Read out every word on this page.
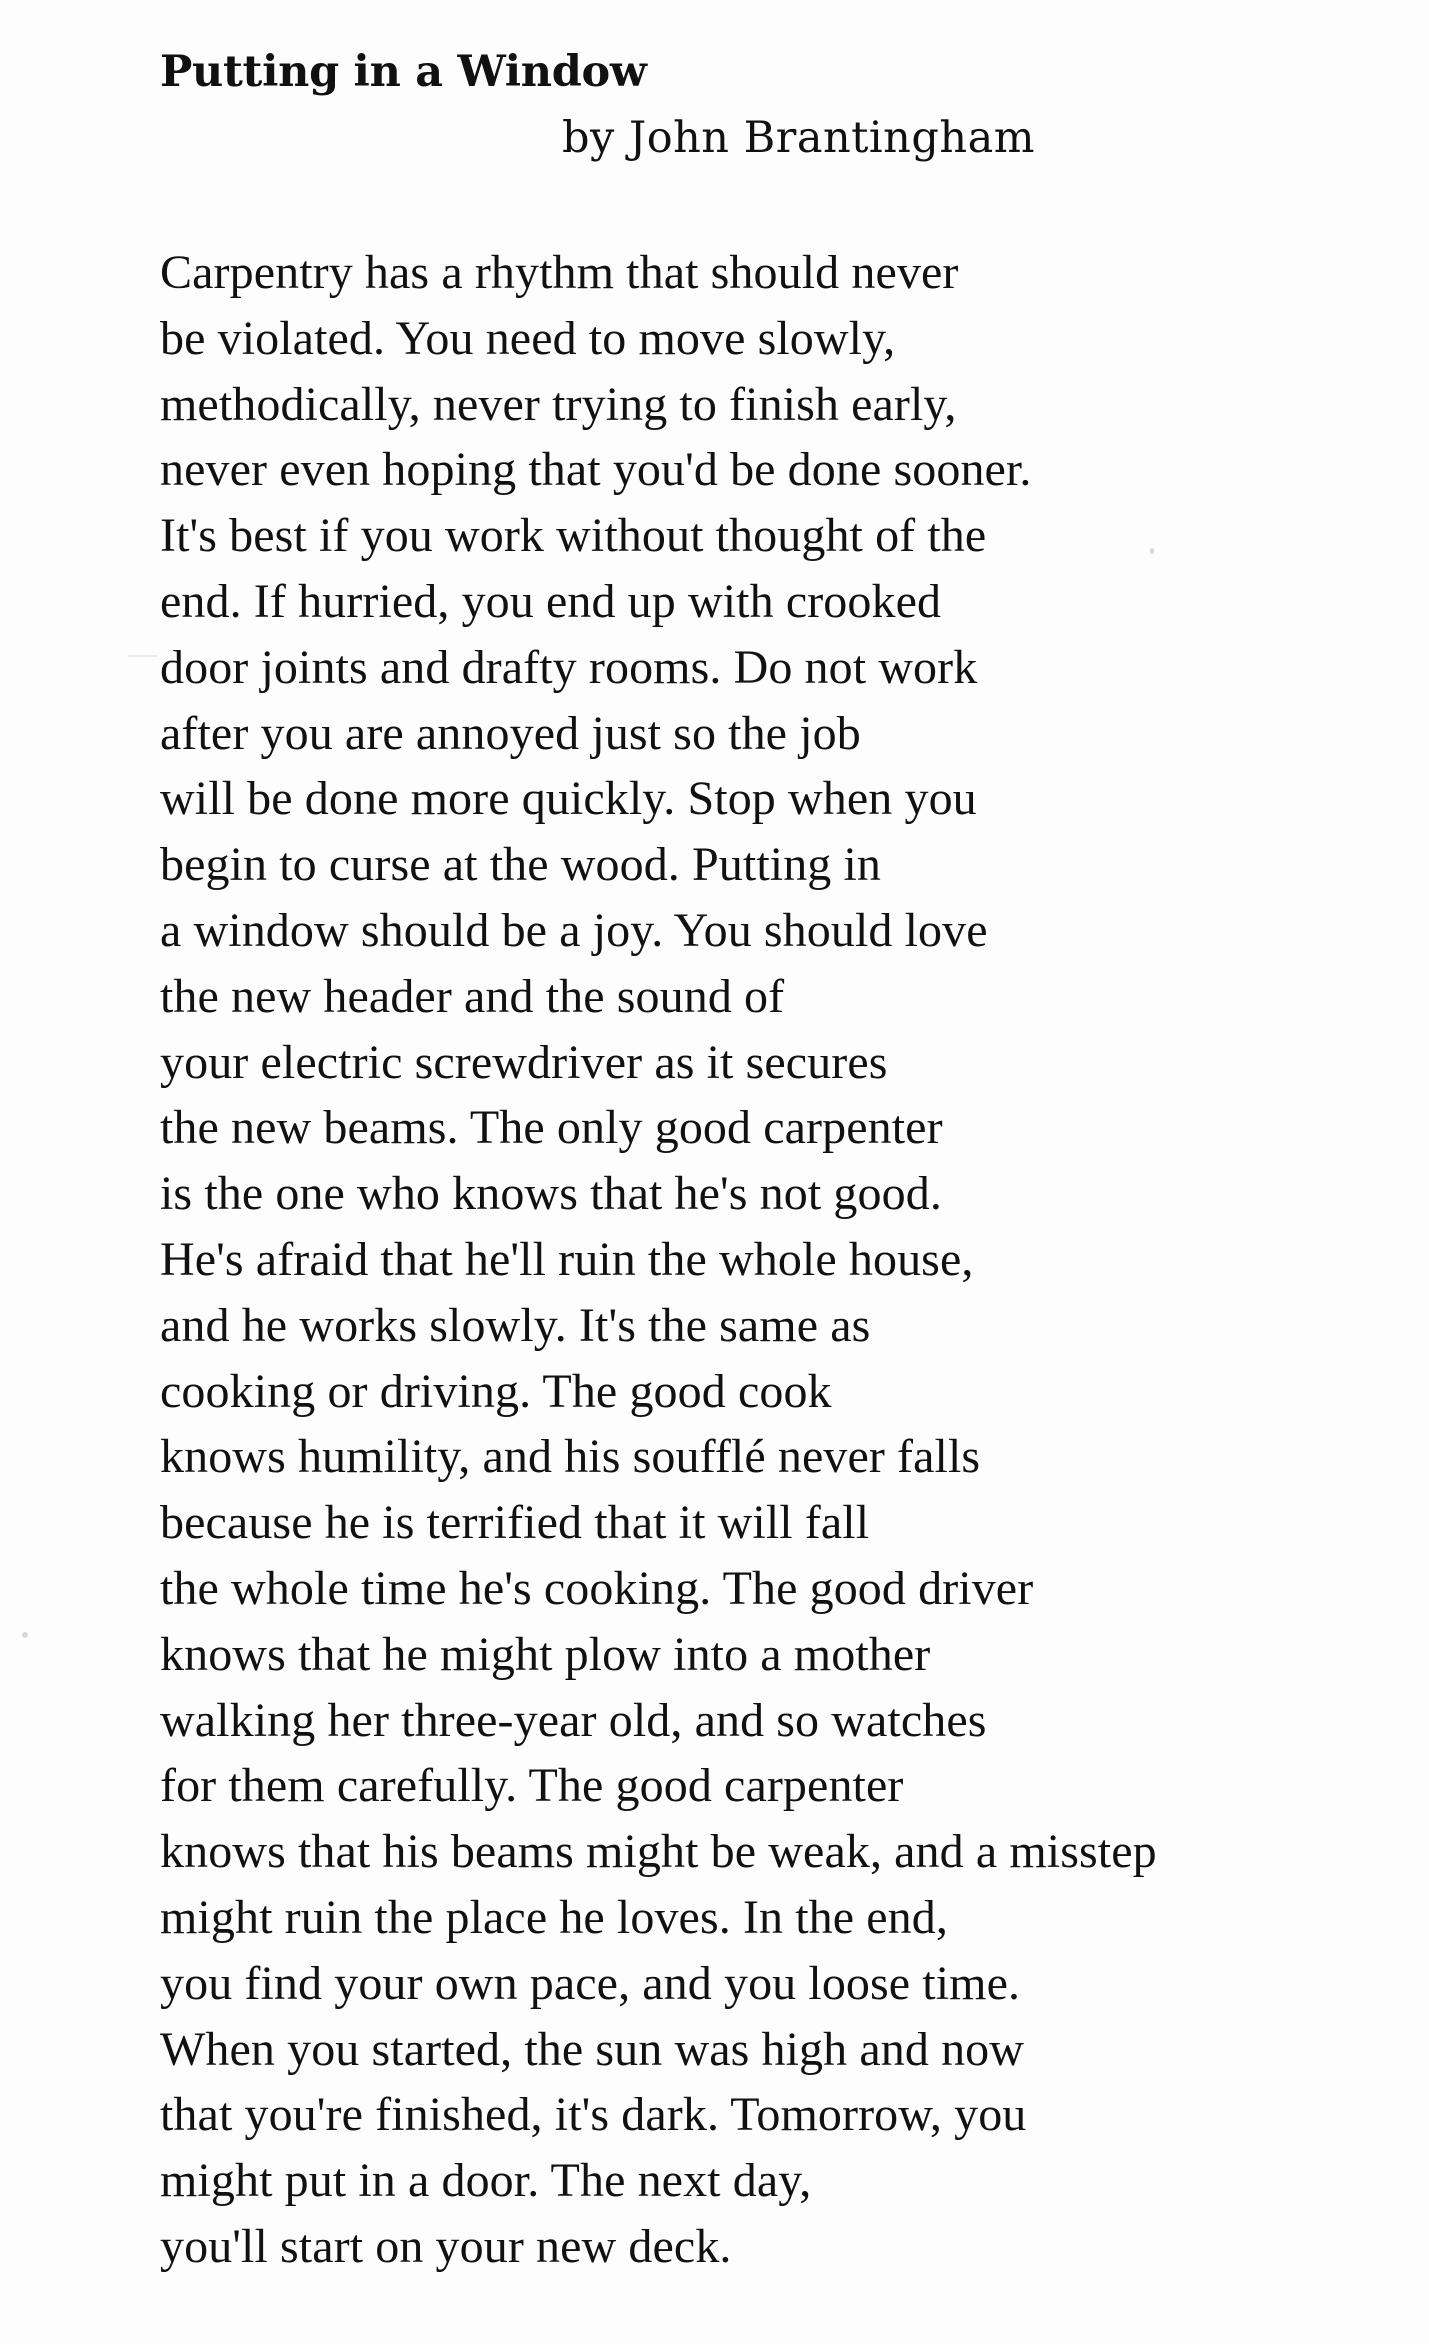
Putting in a Window

by John Brantingham

Carpentry has a rhythm that should never
be violated. You need to move slowly,
methodically, never trying to finish early,
never even hoping that you'd be done sooner.
It's best if you work without thought of the
end. If hurried, you end up with crooked
door joints and drafty rooms. Do not work
after you are annoyed just so the job
will be done more quickly. Stop when you
begin to curse at the wood. Putting in
a window should be a joy. You should love
the new header and the sound of
your electric screwdriver as it secures
the new beams. The only good carpenter
is the one who knows that he's not good.
He's afraid that he'll ruin the whole house,
and he works slowly. It's the same as
cooking or driving. The good cook
knows humility, and his soufflé never falls
because he is terrified that it will fall
the whole time he's cooking. The good driver
knows that he might plow into a mother
walking her three-year old, and so watches
for them carefully. The good carpenter
knows that his beams might be weak, and a misstep
might ruin the place he loves. In the end,
you find your own pace, and you loose time.
When you started, the sun was high and now
that you're finished, it's dark. Tomorrow, you
might put in a door. The next day,
you'll start on your new deck.
